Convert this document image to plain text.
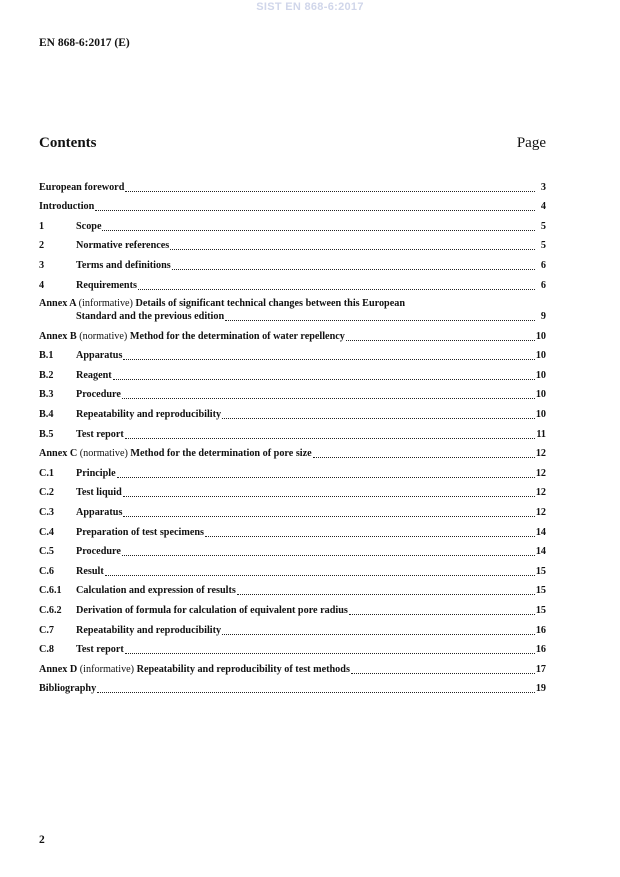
SIST EN 868-6:2017
EN 868-6:2017 (E)
Contents	Page
European foreword	3
Introduction	4
1	Scope	5
2	Normative references	5
3	Terms and definitions	6
4	Requirements	6
Annex A (informative) Details of significant technical changes between this European
Standard and the previous edition	9
Annex B (normative) Method for the determination of water repellency	10
B.1	Apparatus	10
B.2	Reagent	10
B.3	Procedure	10
B.4	Repeatability and reproducibility	10
B.5	Test report	11
Annex C (normative) Method for the determination of pore size	12
C.1	Principle	12
C.2	Test liquid	12
C.3	Apparatus	12
C.4	Preparation of test specimens	14
C.5	Procedure	14
C.6	Result	15
C.6.1	Calculation and expression of results	15
C.6.2	Derivation of formula for calculation of equivalent pore radius	15
C.7	Repeatability and reproducibility	16
C.8	Test report	16
Annex D (informative) Repeatability and reproducibility of test methods	17
Bibliography	19
2
